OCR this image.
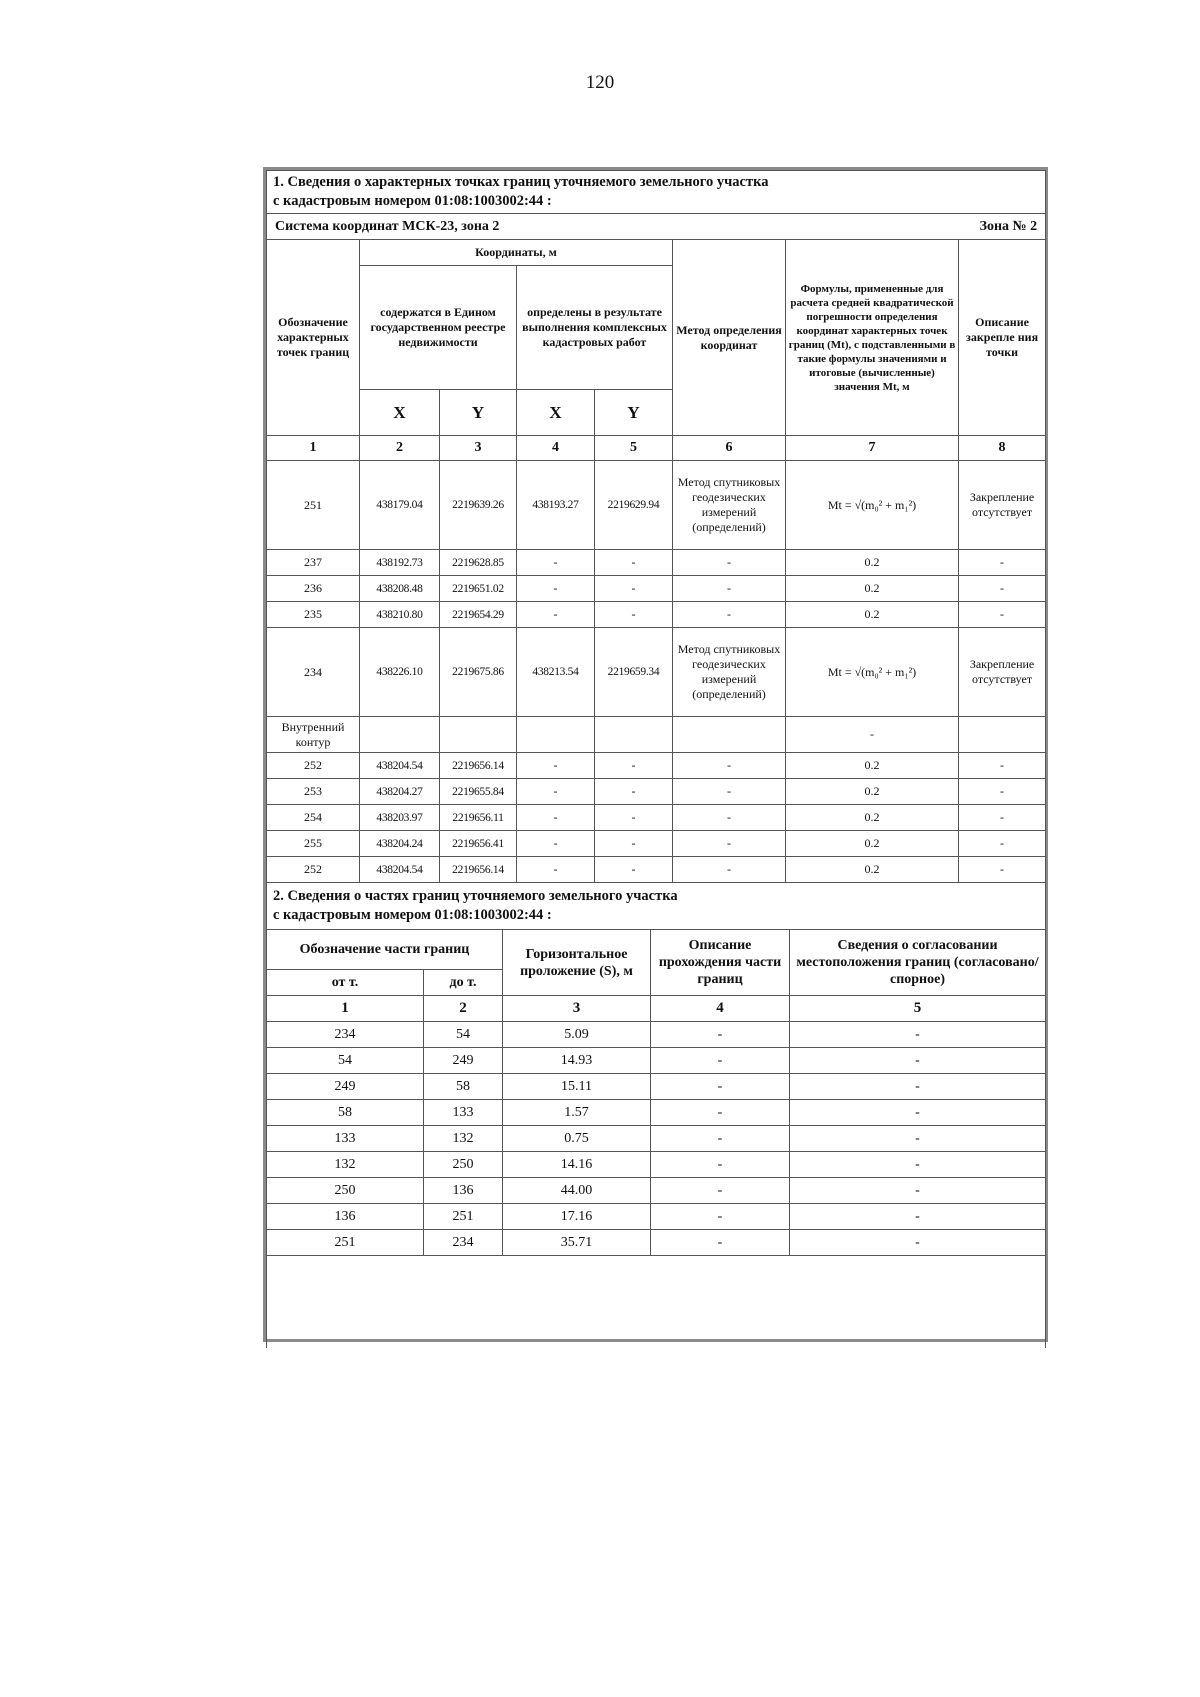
120
1. Сведения о характерных точках границ уточняемого земельного участка
с кадастровым номером 01:08:1003002:44 :							

Система координат МСК-23, зона 2						Зона № 2	
Обозначение характерных точек границ	Координаты, м				Метод определения координат	Формулы, примененные для расчета средней квадратической погрешности определения координат характерных точек границ (Mt), с подставленными в такие формулы значениями и итоговые (вычисленные) значения Mt, м	Описание закрепле ния точки
	содержатся в Едином государственном реестре недвижимости		определены в результате выполнения комплексных кадастровых работ				
	X	Y	X	Y			
1	2	3	4	5	6	7	8
251	438179.04	2219639.26	438193.27	2219629.94	Метод спутниковых геодезических измерений (определений)	Mt = √(m₀² + m₁²)	Закрепление отсутствует
237	438192.73	2219628.85	-	-	-	0.2	-
236	438208.48	2219651.02	-	-	-	0.2	-
235	438210.80	2219654.29	-	-	-	0.2	-
234	438226.10	2219675.86	438213.54	2219659.34	Метод спутниковых геодезических измерений (определений)	Mt = √(m₀² + m₁²)	Закрепление отсутствует
Внутренний контур						-	
252	438204.54	2219656.14	-	-	-	0.2	-
253	438204.27	2219655.84	-	-	-	0.2	-
254	438203.97	2219656.11	-	-	-	0.2	-
255	438204.24	2219656.41	-	-	-	0.2	-
252	438204.54	2219656.14	-	-	-	0.2	-
2. Сведения о частях границ уточняемого земельного участка
с кадастровым номером 01:08:1003002:44 :				

Обозначение части границ		Горизонтальное проложение (S), м	Описание прохождения части границ	Сведения о согласовании местоположения границ (согласовано/спорное)
от т.	до т.			
1	2	3	4	5
234	54	5.09	-	-
54	249	14.93	-	-
249	58	15.11	-	-
58	133	1.57	-	-
133	132	0.75	-	-
132	250	14.16	-	-
250	136	44.00	-	-
136	251	17.16	-	-
251	234	35.71	-	-
